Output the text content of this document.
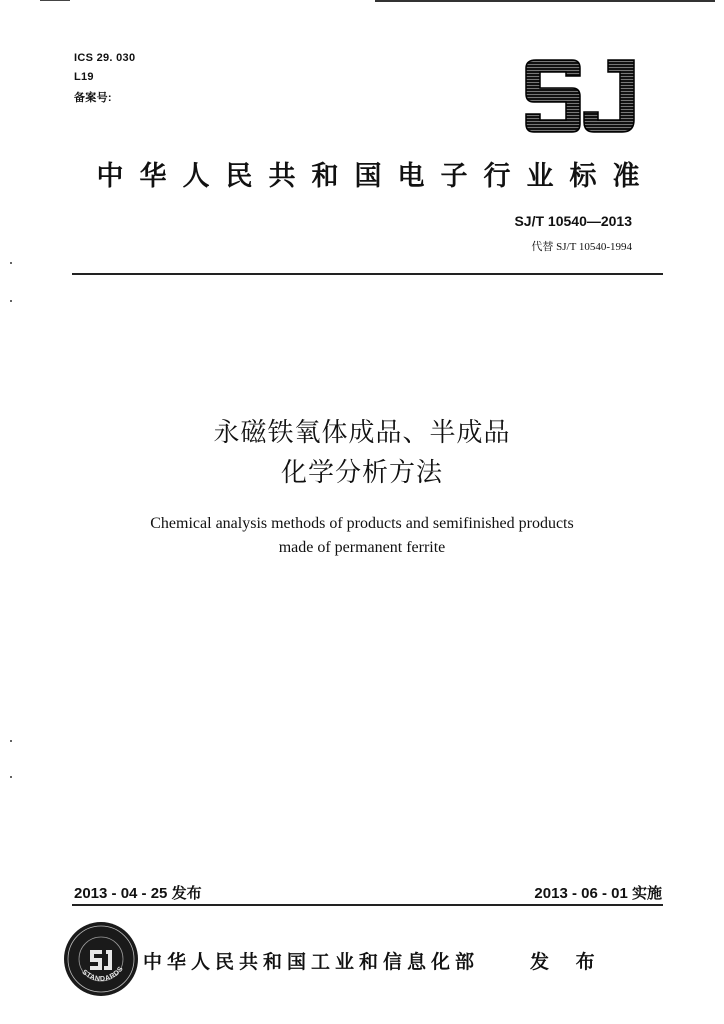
ICS 29. 030
L19
备案号:
中华人民共和国电子行业标准
SJ/T 10540—2013
代替 SJ/T 10540-1994
永磁铁氧体成品、半成品
化学分析方法
Chemical analysis methods of products and semifinished products
made of permanent ferrite
2013 - 04 - 25 发布	2013 - 06 - 01 实施
STANDARDS 中华人民共和国工业和信息化部	发 布
